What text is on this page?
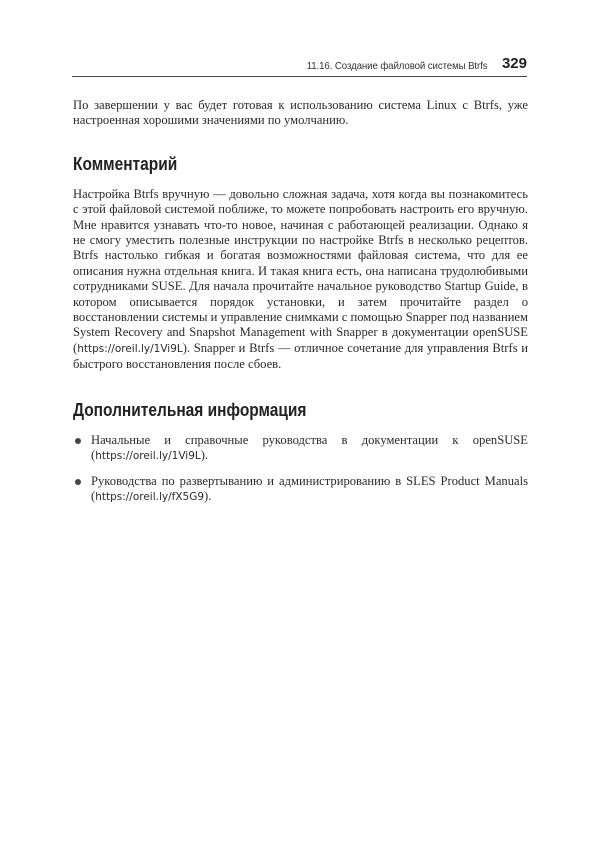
11.16. Создание файловой системы Btrfs 329

По завершении у вас будет готовая к использованию система Linux с Btrfs, уже настроенная хорошими значениями по умолчанию.

Комментарий

Настройка Btrfs вручную — довольно сложная задача, хотя когда вы познакомитесь с этой файловой системой поближе, то можете попробовать настроить его вручную. Мне нравится узнавать что-то новое, начиная с работающей реализации. Однако я не смогу уместить полезные инструкции по настройке Btrfs в несколько рецептов. Btrfs настолько гибкая и богатая возможностями файловая система, что для ее описания нужна отдельная книга. И такая книга есть, она написана трудолюбивыми сотрудниками SUSE. Для начала прочитайте начальное руководство Startup Guide, в котором описывается порядок установки, и затем прочитайте раздел о восстановлении системы и управление снимками с помощью Snapper под названием System Recovery and Snapshot Management with Snapper в документации openSUSE (https://oreil.ly/1Vi9L). Snapper и Btrfs — отличное сочетание для управления Btrfs и быстрого восстановления после сбоев.

Дополнительная информация

Начальные и справочные руководства в документации к openSUSE (https://oreil.ly/1Vi9L).

Руководства по развертыванию и администрированию в SLES Product Manuals (https://oreil.ly/fX5G9).
